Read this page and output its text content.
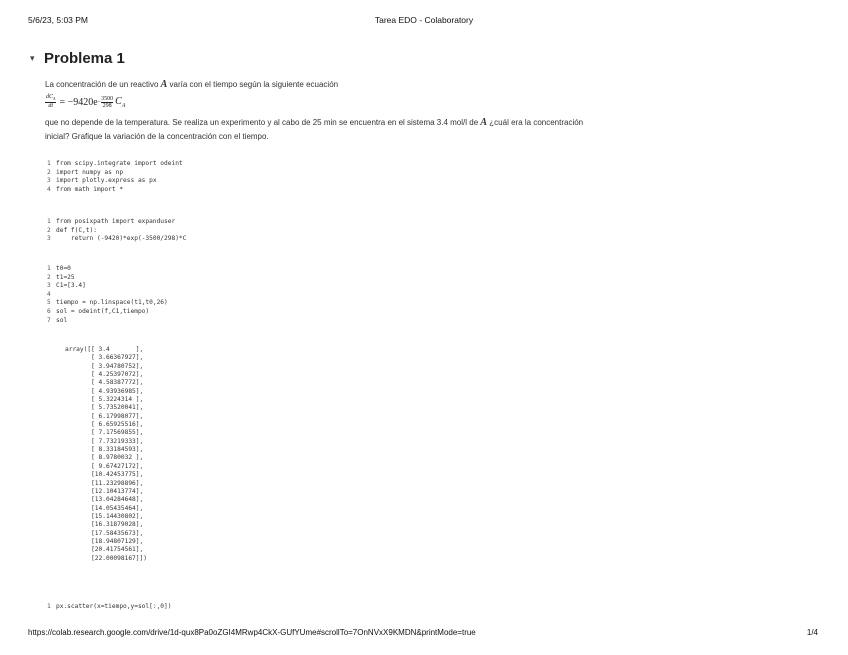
5/6/23, 5:03 PM	Tarea EDO - Colaboratory
▾ Problema 1
La concentración de un reactivo A varía con el tiempo según la siguiente ecuación
$\frac{dC_A}{dt} = -9420e - \frac{3500}{298} C_A$
que no depende de la temperatura. Se realiza un experimento y al cabo de 25 min se encuentra en el sistema 3.4 mol/l de A ¿cuál era la concentración inicial? Grafique la variación de la concentración con el tiempo.
1 from scipy.integrate import odeint
2 import numpy as np
3 import plotly.express as px
4 from math import *
1 from posixpath import expanduser
2 def f(C,t):
3    return (-9420)*exp(-3500/298)*C
1 t0=0
2 t1=25
3 C1=[3.4]
4
5 tiempo = np.linspace(t1,t0,26)
6 sol = odeint(f,C1,tiempo)
7 sol
array([[ 3.4       ],
[ 3.66367927],
[ 3.94780752],
[ 4.25397072],
[ 4.58387772],
[ 4.93936985],
[ 5.3224314 ],
[ 5.73520041],
[ 6.17998077],
[ 6.65925516],
[ 7.17569855],
[ 7.73219333],
[ 8.33184593],
[ 8.9780032 ],
[ 9.67427172],
[10.42453775],
[11.23298896],
[12.10413774],
[13.04284648],
[14.05435464],
[15.14430802],
[16.31879028],
[17.58435673],
[18.94807129],
[20.41754561],
[22.00098167]])
1 px.scatter(x=tiempo,y=sol[:,0])
https://colab.research.google.com/drive/1d-qux8Pa0oZGI4MRwp4CkX-GUfYUme#scrollTo=7OnNVxX9KMDN&printMode=true	1/4
